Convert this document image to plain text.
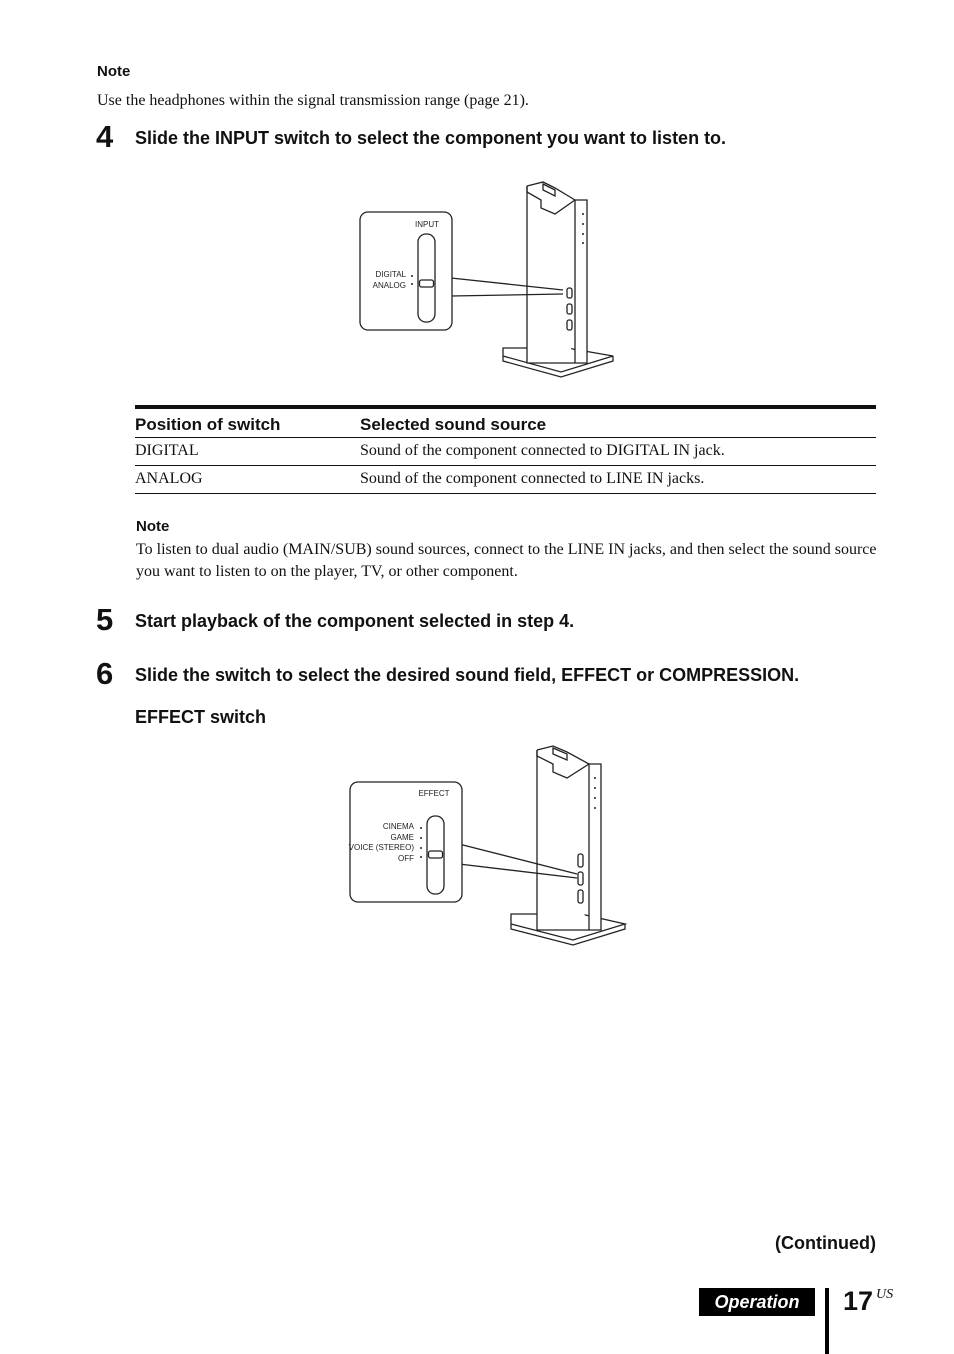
Note
Use the headphones within the signal transmission range (page 21).
4 Slide the INPUT switch to select the component you want to listen to.
INPUT
DIGITAL
ANALOG
Position of switch	Selected sound source
DIGITAL	Sound of the component connected to DIGITAL IN jack.
ANALOG	Sound of the component connected to LINE IN jacks.
Note
To listen to dual audio (MAIN/SUB) sound sources, connect to the LINE IN jacks, and then select the sound source you want to listen to on the player, TV, or other component.
5 Start playback of the component selected in step 4.
6 Slide the switch to select the desired sound field, EFFECT or COMPRESSION.
EFFECT switch
EFFECT
CINEMA
GAME
VOICE (STEREO)
OFF
(Continued)
Operation	17 US
